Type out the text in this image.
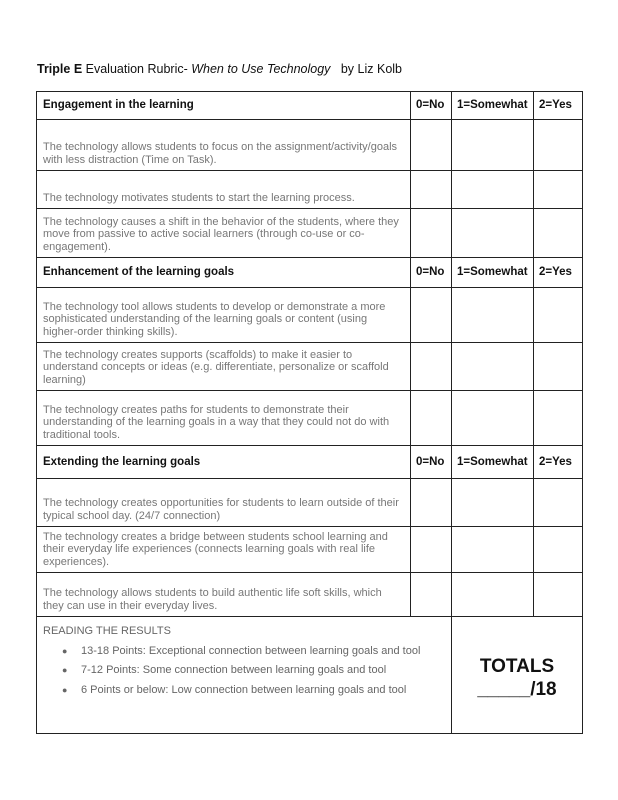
Triple E Evaluation Rubric- When to Use Technology   by Liz Kolb
Engagement in the learning	0=No	1=Somewhat	2=Yes
The technology allows students to focus on the assignment/activity/goals with less distraction (Time on Task).			
The technology motivates students to start the learning process.			
The technology causes a shift in the behavior of the students, where they move from passive to active social learners (through co-use or co-engagement).			
Enhancement of the learning goals	0=No	1=Somewhat	2=Yes
The technology tool allows students to develop or demonstrate a more sophisticated understanding of the learning goals or content (using higher-order thinking skills).			
The technology creates supports (scaffolds) to make it easier to understand concepts or ideas (e.g. differentiate, personalize or scaffold learning)			
The technology creates paths for students to demonstrate their understanding of the learning goals in a way that they could not do with traditional tools.			
Extending the learning goals	0=No	1=Somewhat	2=Yes
The technology creates opportunities for students to learn outside of their typical school day. (24/7 connection)			
The technology creates a bridge between students school learning and their everyday life experiences (connects learning goals with real life experiences).			
The technology allows students to build authentic life soft skills, which they can use in their everyday lives.			

READING THE RESULTS
● 13-18 Points: Exceptional connection between learning goals and tool
● 7-12 Points: Some connection between learning goals and tool
● 6 Points or below: Low connection between learning goals and tool

TOTALS
_____/18
